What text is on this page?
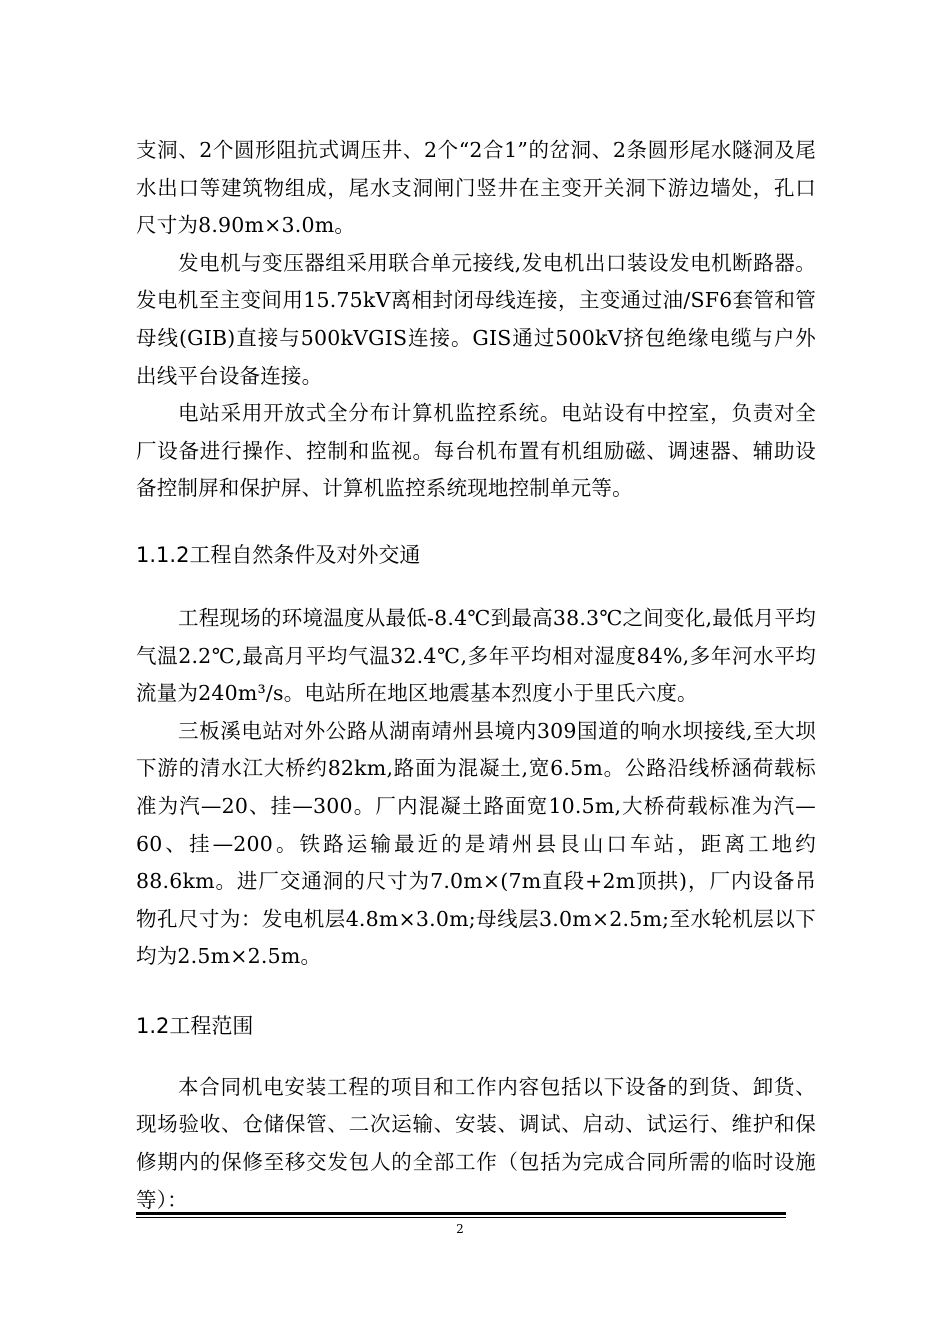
支洞、2个圆形阻抗式调压井、2个“2合1”的岔洞、2条圆形尾水隧洞及尾水出口等建筑物组成，尾水支洞闸门竖井在主变开关洞下游边墙处，孔口尺寸为8.90m×3.0m。

发电机与变压器组采用联合单元接线,发电机出口装设发电机断路器。发电机至主变间用15.75kV离相封闭母线连接，主变通过油/SF6套管和管母线(GIB)直接与500kVGIS连接。GIS通过500kV挤包绝缘电缆与户外出线平台设备连接。

电站采用开放式全分布计算机监控系统。电站设有中控室，负责对全厂设备进行操作、控制和监视。每台机布置有机组励磁、调速器、辅助设备控制屏和保护屏、计算机监控系统现地控制单元等。

1.1.2工程自然条件及对外交通

工程现场的环境温度从最低-8.4℃到最高38.3℃之间变化,最低月平均气温2.2℃,最高月平均气温32.4℃,多年平均相对湿度84%,多年河水平均流量为240m³/s。电站所在地区地震基本烈度小于里氏六度。

三板溪电站对外公路从湖南靖州县境内309国道的响水坝接线,至大坝下游的清水江大桥约82km,路面为混凝土,宽6.5m。公路沿线桥涵荷载标准为汽—20、挂—300。厂内混凝土路面宽10.5m,大桥荷载标准为汽—60、挂—200。铁路运输最近的是靖州县艮山口车站，距离工地约88.6km。进厂交通洞的尺寸为7.0m×(7m直段+2m顶拱)，厂内设备吊物孔尺寸为：发电机层4.8m×3.0m;母线层3.0m×2.5m;至水轮机层以下均为2.5m×2.5m。

1.2工程范围

本合同机电安装工程的项目和工作内容包括以下设备的到货、卸货、现场验收、仓储保管、二次运输、安装、调试、启动、试运行、维护和保修期内的保修至移交发包人的全部工作（包括为完成合同所需的临时设施等）：

2
